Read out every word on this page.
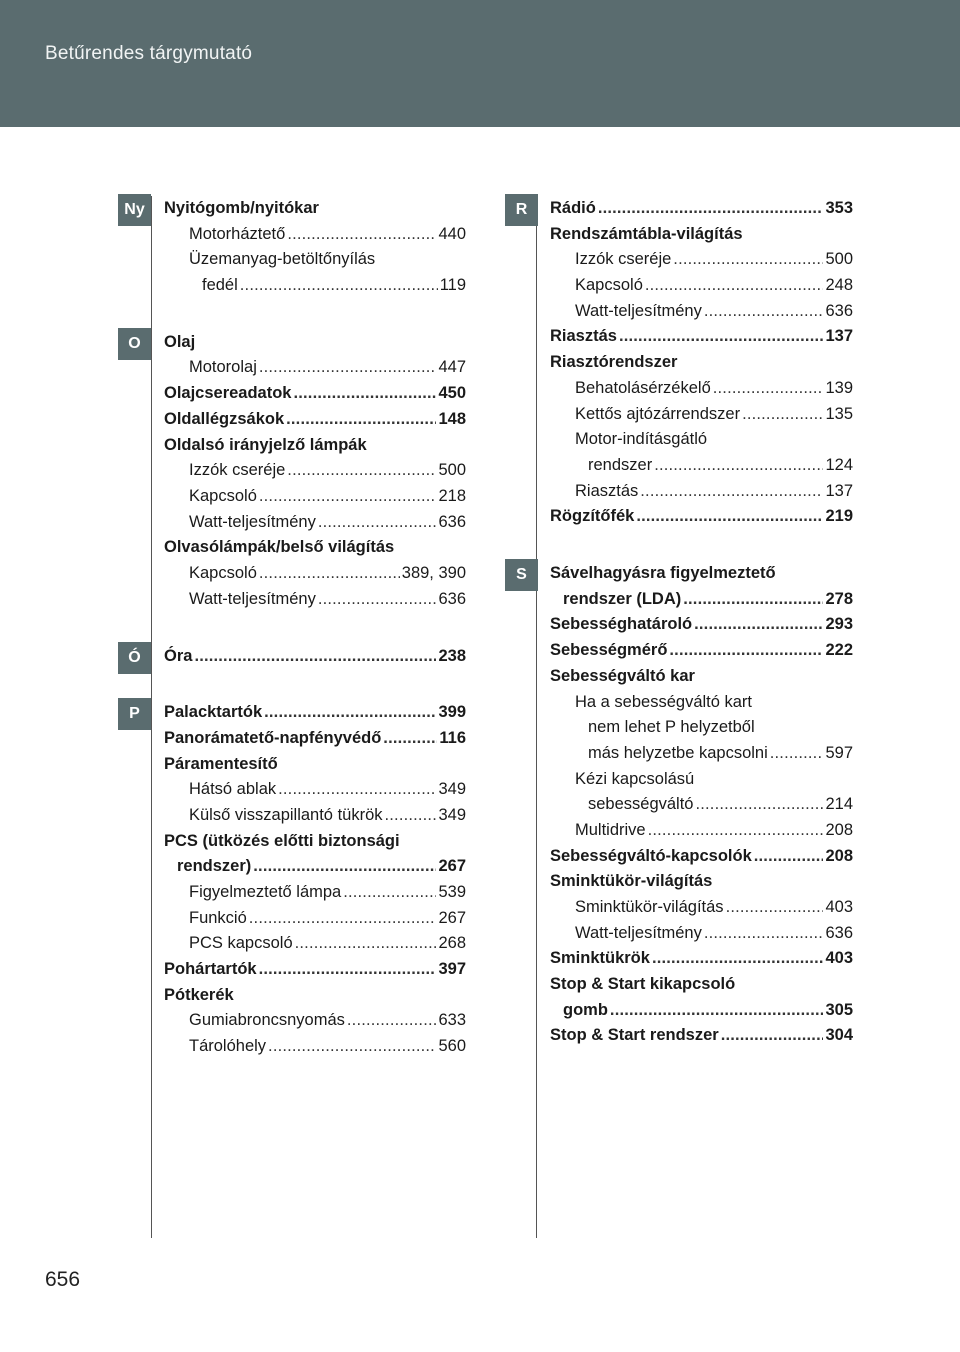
Betűrendes tárgymutató
Ny
O
Ó
P
R
S
Nyitógomb/nyitókar
Motorháztető . . .	440
Üzemanyag-betöltőnyílás
fedél . . .	119
Olaj
Motorolaj . . .	447
Olajcsereadatok . . .	450
Oldallégzsákok . . .	148
Oldalsó irányjelző lámpák
Izzók cseréje . . .	500
Kapcsoló . . .	218
Watt-teljesítmény . . .	636
Olvasólámpák/belső világítás
Kapcsoló . . .	389, 390
Watt-teljesítmény . . .	636
Óra . . .	238
Palacktartók . . .	399
Panorámatető-napfényvédő . . .	116
Páramentesítő
Hátsó ablak . . .	349
Külső visszapillantó tükrök . . .	349
PCS (ütközés előtti biztonsági
rendszer) . . .	267
Figyelmeztető lámpa . . .	539
Funkció . . .	267
PCS kapcsoló . . .	268
Pohártartók . . .	397
Pótkerék
Gumiabroncsnyomás . . .	633
Tárolóhely . . .	560
Rádió . . .	353
Rendszámtábla-világítás
Izzók cseréje . . .	500
Kapcsoló . . .	248
Watt-teljesítmény . . .	636
Riasztás . . .	137
Riasztórendszer
Behatolásérzékelő . . .	139
Kettős ajtózárrendszer . . .	135
Motor-indításgátló
rendszer . . .	124
Riasztás . . .	137
Rögzítőfék . . .	219
Sávelhagyásra figyelmeztető
rendszer (LDA) . . .	278
Sebességhatároló . . .	293
Sebességmérő . . .	222
Sebességváltó kar
Ha a sebességváltó kart
nem lehet P helyzetből
más helyzetbe kapcsolni . . .	597
Kézi kapcsolású
sebességváltó . . .	214
Multidrive . . .	208
Sebességváltó-kapcsolók . . .	208
Sminktükör-világítás
Sminktükör-világítás . . .	403
Watt-teljesítmény . . .	636
Sminktükrök . . .	403
Stop & Start kikapcsoló
gomb . . .	305
Stop & Start rendszer . . .	304
656
